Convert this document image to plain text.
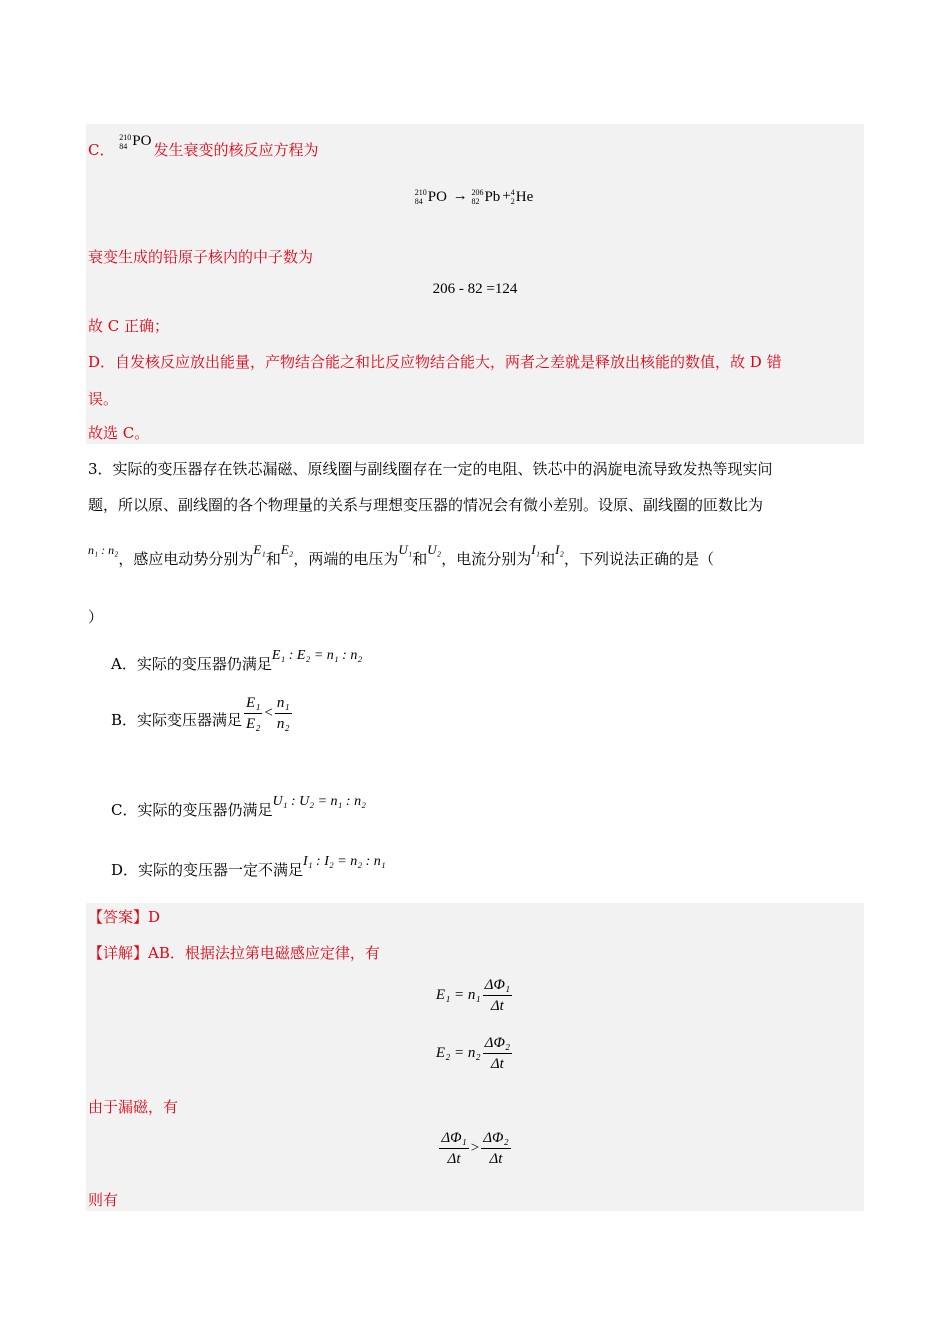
C．
210
84 PO 发生衰变的核反应方程为
210
84 PO → 206
82 Pb + 4
2 He
衰变生成的铅原子核内的中子数为
206 - 82 =124
故 C 正确；
D．自发核反应放出能量，产物结合能之和比反应物结合能大，两者之差就是释放出核能的数值，故 D 错
误。
故选 C。
3．实际的变压器存在铁芯漏磁、原线圈与副线圈存在一定的电阻、铁芯中的涡旋电流导致发热等现实问
题，所以原、副线圈的各个物理量的关系与理想变压器的情况会有微小差别。设原、副线圈的匝数比为
$^{n_1 : n_2}$，感应电动势分别为E₁和E₂，两端的电压为U₁和U₂，电流分别为I₁和I₂，下列说法正确的是（
）
A．实际的变压器仍满足E₁ : E₂ = n₁ : n₂
B．实际变压器满足 $\frac{\text{E₁}}{\text{E₂}} < \frac{\text{n₁}}{\text{n₂}}$
C．实际的变压器仍满足U₁ : U₂ = n₁ : n₂
D．实际的变压器一定不满足I₁ : I₂ = n₂ : n₁
【答案】D
【详解】AB．根据法拉第电磁感应定律，有
$E_1 = n_1 \frac{\text{ΔΦ₁}}{\Delta t}$
$E_2 = n_2 \frac{\text{ΔΦ₂}}{\Delta t}$
由于漏磁，有
$\frac{\text{ΔΦ₁}}{\Delta t} > \frac{\text{ΔΦ₂}}{\Delta t}$
则有
